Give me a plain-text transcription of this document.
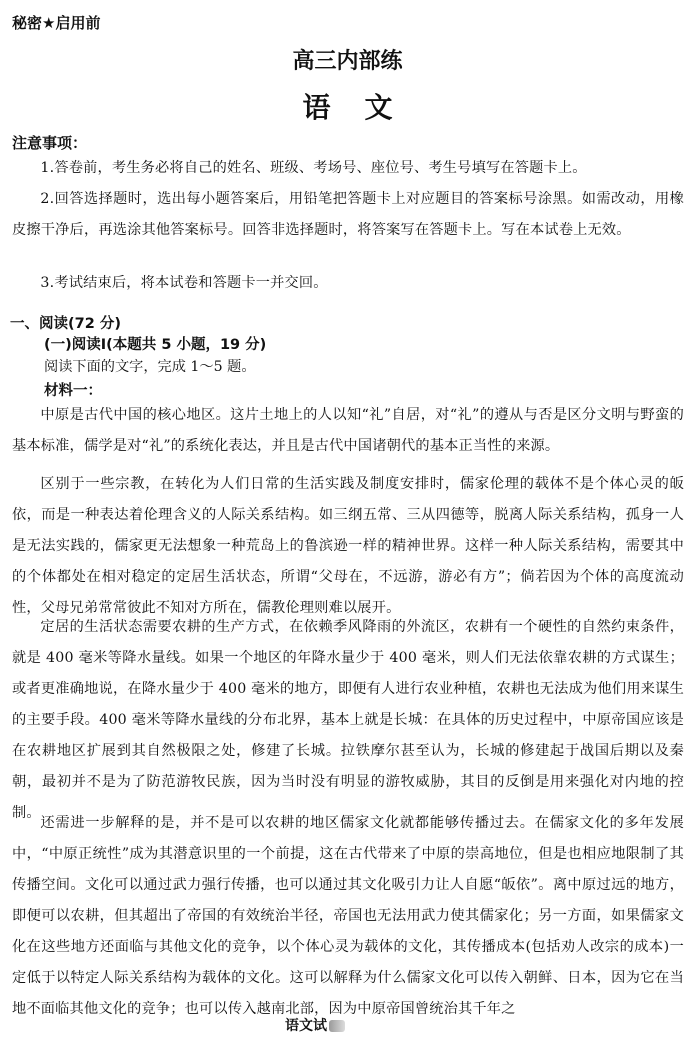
秘密★启用前
高三内部练
语文
注意事项：
1.答卷前，考生务必将自己的姓名、班级、考场号、座位号、考生号填写在答题卡上。
2.回答选择题时，选出每小题答案后，用铅笔把答题卡上对应题目的答案标号涂黑。如需改动，用橡皮擦干净后，再选涂其他答案标号。回答非选择题时，将答案写在答题卡上。写在本试卷上无效。
3.考试结束后，将本试卷和答题卡一并交回。
一、阅读(72 分)
(一)阅读Ⅰ(本题共 5 小题，19 分)
阅读下面的文字，完成 1～5 题。
材料一：
中原是古代中国的核心地区。这片土地上的人以知“礼”自居，对“礼”的遵从与否是区分文明与野蛮的基本标准，儒学是对“礼”的系统化表达，并且是古代中国诸朝代的基本正当性的来源。
区别于一些宗教，在转化为人们日常的生活实践及制度安排时，儒家伦理的载体不是个体心灵的皈依，而是一种表达着伦理含义的人际关系结构。如三纲五常、三从四德等，脱离人际关系结构，孤身一人是无法实践的，儒家更无法想象一种荒岛上的鲁滨逊一样的精神世界。这样一种人际关系结构，需要其中的个体都处在相对稳定的定居生活状态，所谓“父母在，不远游，游必有方”；倘若因为个体的高度流动性，父母兄弟常常彼此不知对方所在，儒教伦理则难以展开。
定居的生活状态需要农耕的生产方式，在依赖季风降雨的外流区，农耕有一个硬性的自然约束条件，就是 400 毫米等降水量线。如果一个地区的年降水量少于 400 毫米，则人们无法依靠农耕的方式谋生；或者更准确地说，在降水量少于 400 毫米的地方，即便有人进行农业种植，农耕也无法成为他们用来谋生的主要手段。400 毫米等降水量线的分布北界，基本上就是长城：在具体的历史过程中，中原帝国应该是在农耕地区扩展到其自然极限之处，修建了长城。拉铁摩尔甚至认为，长城的修建起于战国后期以及秦朝，最初并不是为了防范游牧民族，因为当时没有明显的游牧威胁，其目的反倒是用来强化对内地的控制。
还需进一步解释的是，并不是可以农耕的地区儒家文化就都能够传播过去。在儒家文化的多年发展中，“中原正统性”成为其潜意识里的一个前提，这在古代带来了中原的崇高地位，但是也相应地限制了其传播空间。文化可以通过武力强行传播，也可以通过其文化吸引力让人自愿“皈依”。离中原过远的地方，即便可以农耕，但其超出了帝国的有效统治半径，帝国也无法用武力使其儒家化；另一方面，如果儒家文化在这些地方还面临与其他文化的竞争，以个体心灵为载体的文化，其传播成本(包括劝人改宗的成本)一定低于以特定人际关系结构为载体的文化。这可以解释为什么儒家文化可以传入朝鲜、日本，因为它在当地不面临其他文化的竞争；也可以传入越南北部，因为中原帝国曾统治其千年之
语文试
